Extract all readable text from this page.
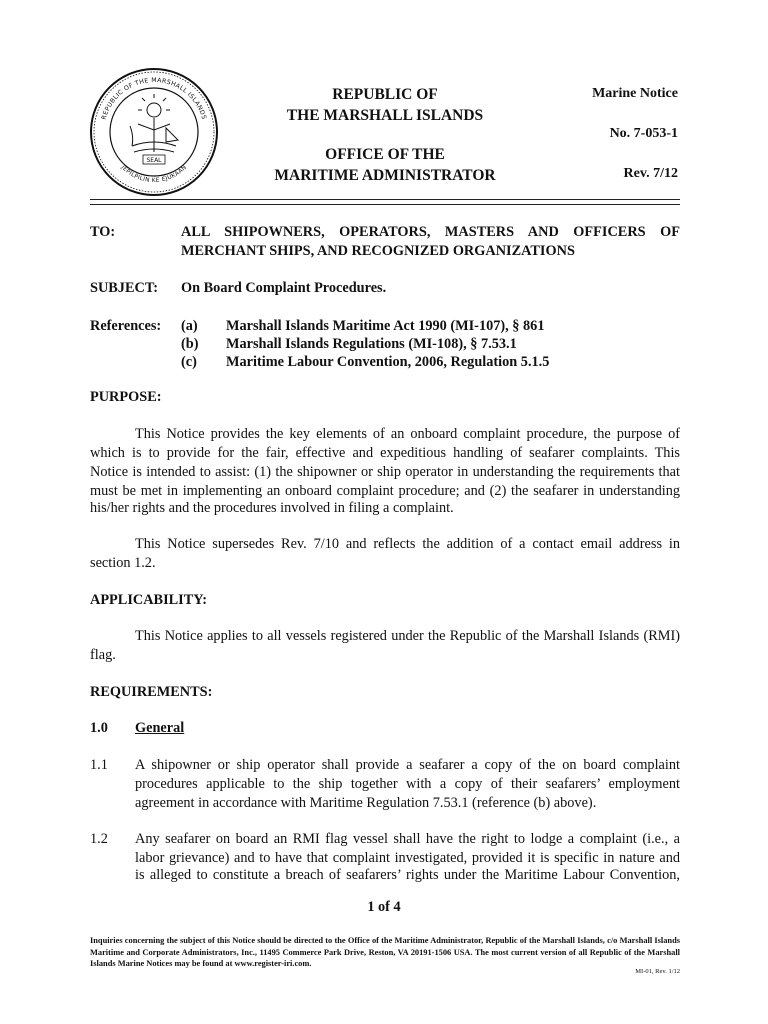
REPUBLIC OF THE MARSHALL ISLANDS
JEPILPILIN KE EJUKAAN
SEAL
REPUBLIC OF
THE MARSHALL ISLANDS
OFFICE OF THE
MARITIME ADMINISTRATOR
Marine Notice
No. 7-053-1
Rev. 7/12
TO:	ALL SHIPOWNERS, OPERATORS, MASTERS AND OFFICERS OF
MERCHANT SHIPS, AND RECOGNIZED ORGANIZATIONS
SUBJECT: On Board Complaint Procedures.
References: (a) Marshall Islands Maritime Act 1990 (MI-107), § 861
(b) Marshall Islands Regulations (MI-108), § 7.53.1
(c) Maritime Labour Convention, 2006, Regulation 5.1.5
PURPOSE:
This Notice provides the key elements of an onboard complaint procedure, the purpose of
which is to provide for the fair, effective and expeditious handling of seafarer complaints. This
Notice is intended to assist: (1) the shipowner or ship operator in understanding the requirements that
must be met in implementing an onboard complaint procedure; and (2) the seafarer in understanding
his/her rights and the procedures involved in filing a complaint.
This Notice supersedes Rev. 7/10 and reflects the addition of a contact email address in
section 1.2.
APPLICABILITY:
This Notice applies to all vessels registered under the Republic of the Marshall Islands (RMI)
flag.
REQUIREMENTS:
1.0 General
1.1 A shipowner or ship operator shall provide a seafarer a copy of the on board complaint
procedures applicable to the ship together with a copy of their seafarers’ employment
agreement in accordance with Maritime Regulation 7.53.1 (reference (b) above).
1.2 Any seafarer on board an RMI flag vessel shall have the right to lodge a complaint (i.e., a
labor grievance) and to have that complaint investigated, provided it is specific in nature and
is alleged to constitute a breach of seafarers’ rights under the Maritime Labour Convention,
1 of 4
Inquiries concerning the subject of this Notice should be directed to the Office of the Maritime Administrator, Republic of the Marshall Islands, c/o Marshall Islands Maritime and Corporate Administrators, Inc., 11495 Commerce Park Drive, Reston, VA 20191-1506 USA. The most current version of all Republic of the Marshall Islands Marine Notices may be found at www.register-iri.com.
MI-01, Rev. 1/12
